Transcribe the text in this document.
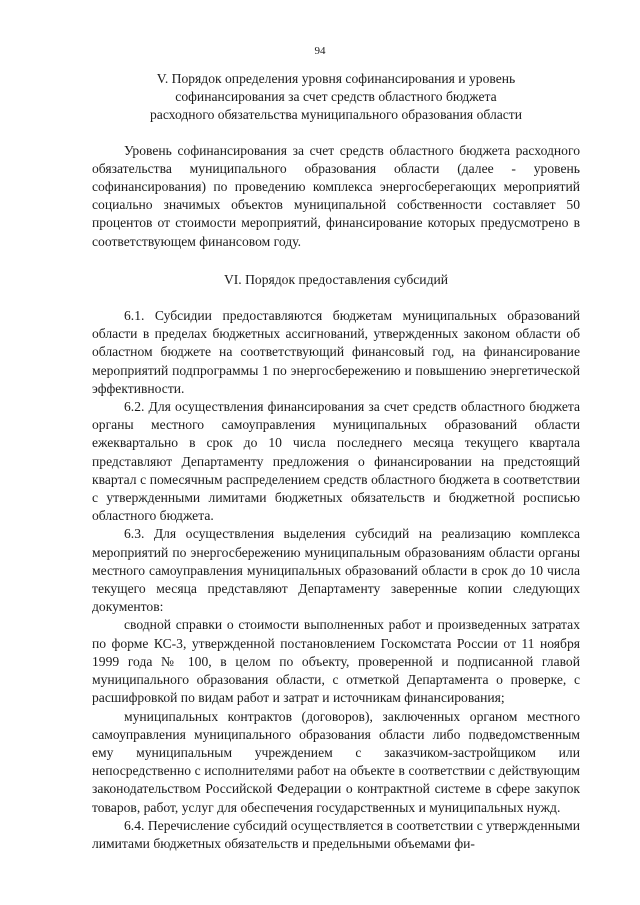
94
V. Порядок определения уровня софинансирования и уровень
софинансирования за счет средств областного бюджета
расходного обязательства муниципального образования области

Уровень софинансирования за счет средств областного бюджета расходного обязательства муниципального образования области (далее - уровень софинансирования) по проведению комплекса энергосберегающих мероприятий социально значимых объектов муниципальной собственности составляет 50 процентов от стоимости мероприятий, финансирование которых предусмотрено в соответствующем финансовом году.

VI. Порядок предоставления субсидий

6.1. Субсидии предоставляются бюджетам муниципальных образований области в пределах бюджетных ассигнований, утвержденных законом области об областном бюджете на соответствующий финансовый год, на финансирование мероприятий подпрограммы 1 по энергосбережению и повышению энергетической эффективности.

6.2. Для осуществления финансирования за счет средств областного бюджета органы местного самоуправления муниципальных образований области ежеквартально в срок до 10 числа последнего месяца текущего квартала представляют Департаменту предложения о финансировании на предстоящий квартал с помесячным распределением средств областного бюджета в соответствии с утвержденными лимитами бюджетных обязательств и бюджетной росписью областного бюджета.

6.3. Для осуществления выделения субсидий на реализацию комплекса мероприятий по энергосбережению муниципальным образованиям области органы местного самоуправления муниципальных образований области в срок до 10 числа текущего месяца представляют Департаменту заверенные копии следующих документов:

сводной справки о стоимости выполненных работ и произведенных затратах по форме КС-3, утвержденной постановлением Госкомстата России от 11 ноября 1999 года № 100, в целом по объекту, проверенной и подписанной главой муниципального образования области, с отметкой Департамента о проверке, с расшифровкой по видам работ и затрат и источникам финансирования;

муниципальных контрактов (договоров), заключенных органом местного самоуправления муниципального образования области либо подведомственным ему муниципальным учреждением с заказчиком-застройщиком или непосредственно с исполнителями работ на объекте в соответствии с действующим законодательством Российской Федерации о контрактной системе в сфере закупок товаров, работ, услуг для обеспечения государственных и муниципальных нужд.

6.4. Перечисление субсидий осуществляется в соответствии с утвержденными лимитами бюджетных обязательств и предельными объемами фи-
